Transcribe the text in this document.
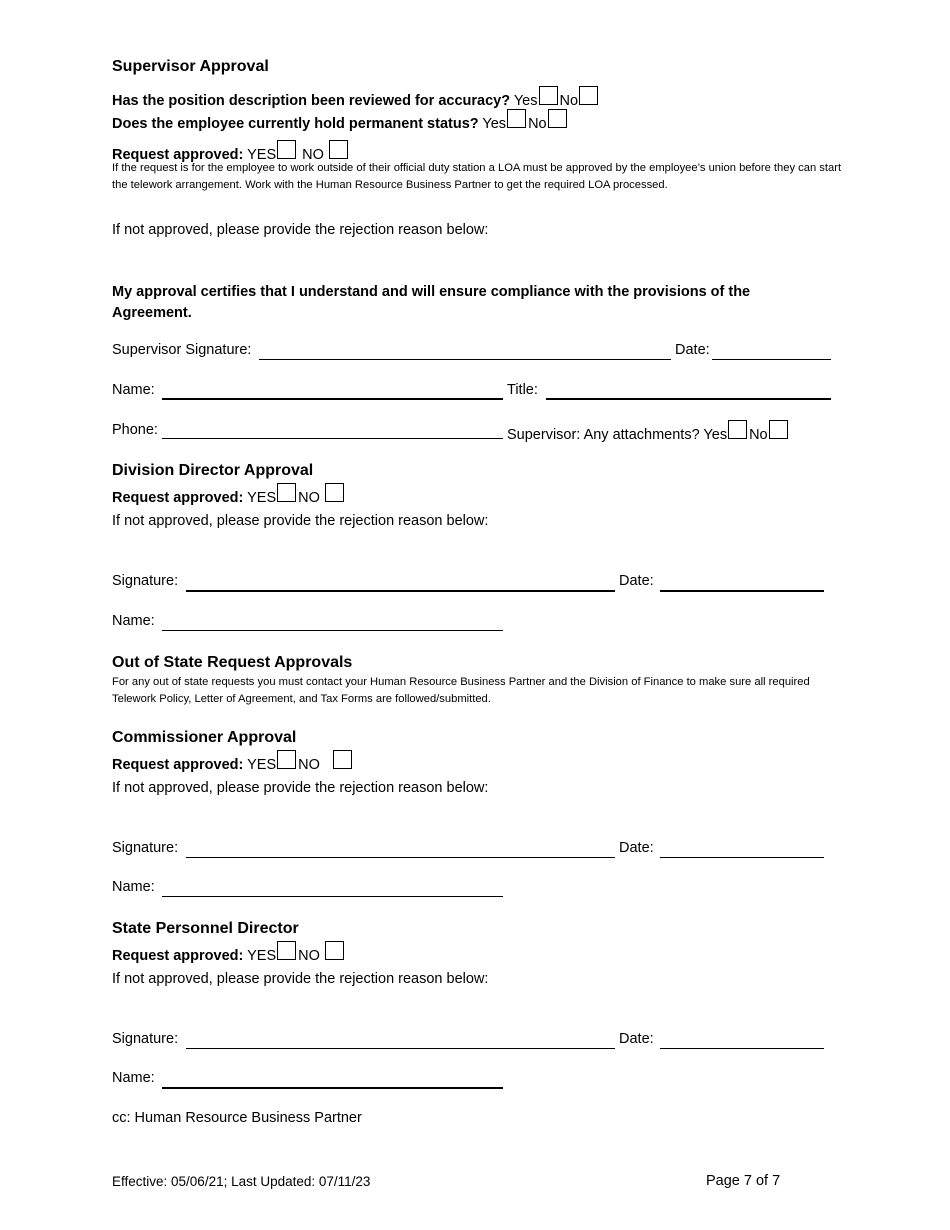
Supervisor Approval
Has the position description been reviewed for accuracy? Yes No
Does the employee currently hold permanent status? Yes No
Request approved: YES NO
If the request is for the employee to work outside of their official duty station a LOA must be approved by the employee’s union before they can start the telework arrangement. Work with the Human Resource Business Partner to get the required LOA processed.
If not approved, please provide the rejection reason below:
My approval certifies that I understand and will ensure compliance with the provisions of the Agreement.
Supervisor Signature:	Date:
Name:	Title:
Phone:	Supervisor: Any attachments? Yes No
Division Director Approval
Request approved: YES NO
If not approved, please provide the rejection reason below:
Signature:	Date:
Name:
Out of State Request Approvals
For any out of state requests you must contact your Human Resource Business Partner and the Division of Finance to make sure all required Telework Policy, Letter of Agreement, and Tax Forms are followed/submitted.
Commissioner Approval
Request approved: YES NO
If not approved, please provide the rejection reason below:
Signature:	Date:
Name:
State Personnel Director
Request approved: YES NO
If not approved, please provide the rejection reason below:
Signature:	Date:
Name:
cc: Human Resource Business Partner
Effective: 05/06/21; Last Updated: 07/11/23	Page 7 of 7
